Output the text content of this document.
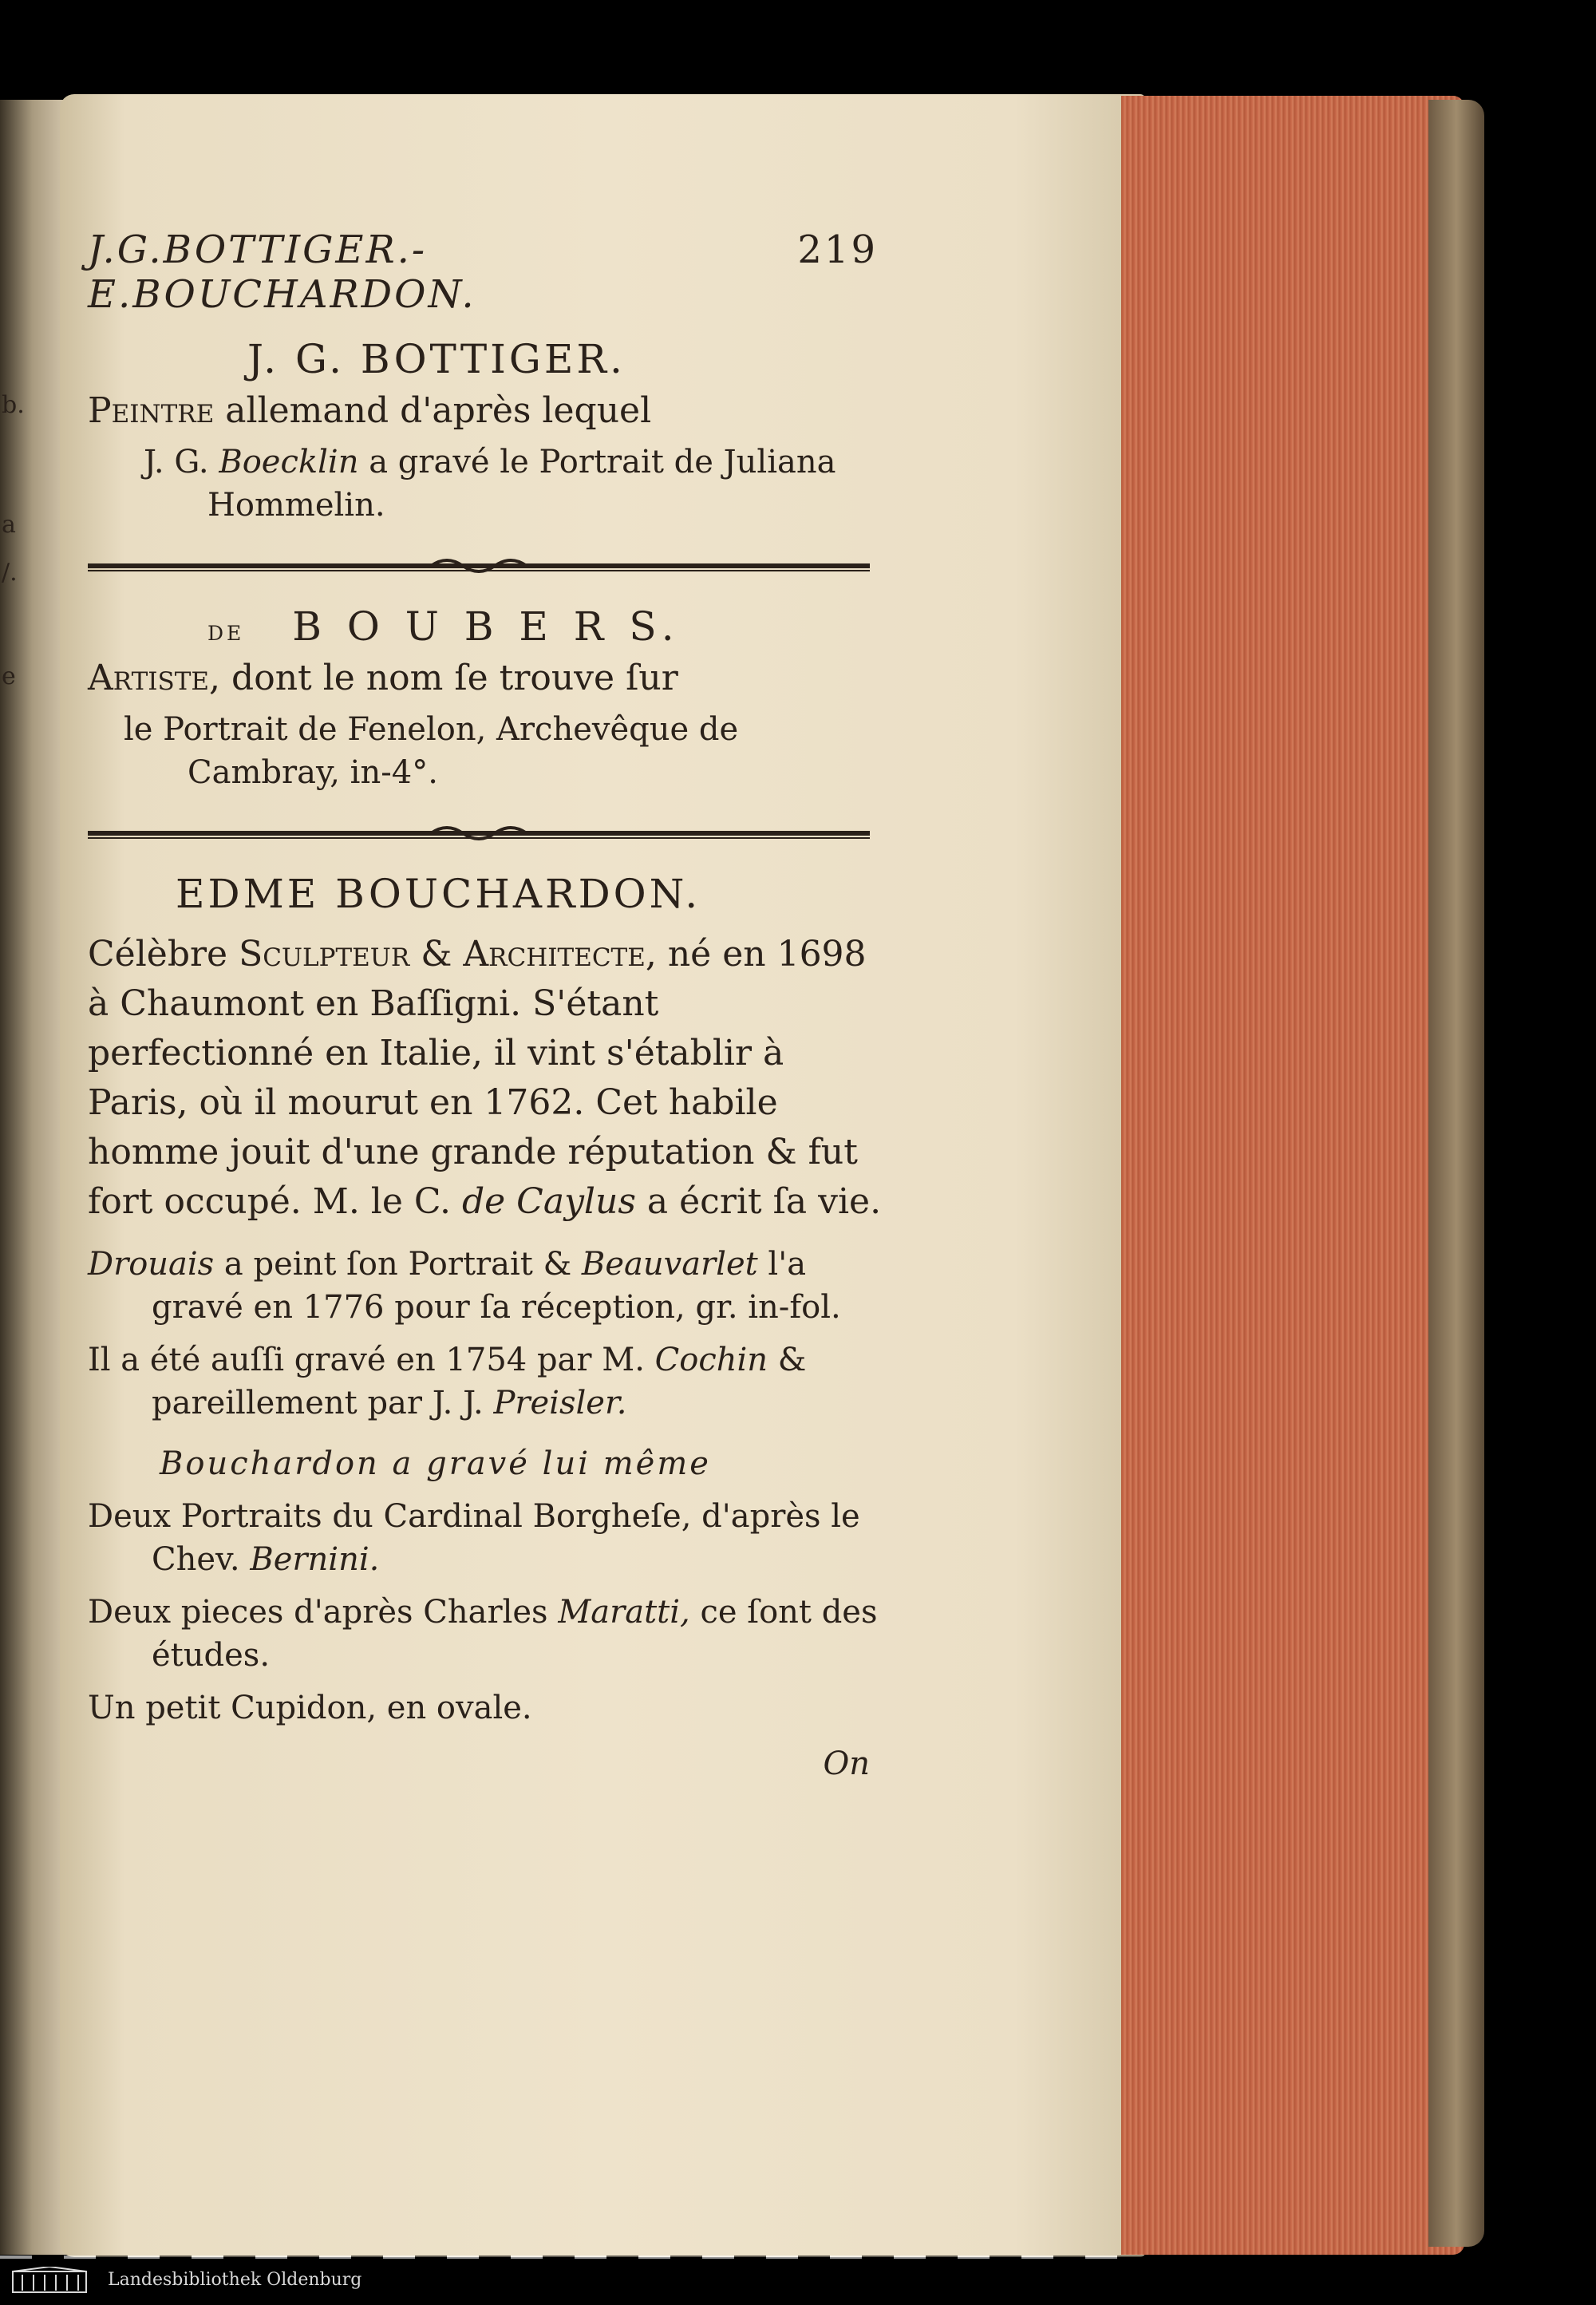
b.
a
/.
e
J.G.BOTTIGER.-E.BOUCHARDON.
219
J. G. BOTTIGER.
Peintre allemand d'après lequel
J. G. Boecklin a gravé le Portrait de Juliana Hommelin.
de B O U B E R S.
Artiste, dont le nom ſe trouve ſur
le Portrait de Fenelon, Archevêque de Cambray, in-4°.
EDME BOUCHARDON.
Célèbre Sculpteur & Architecte, né en 1698 à Chaumont en Baſſigni. S'étant perfectionné en Italie, il vint s'établir à Paris, où il mourut en 1762. Cet habile homme jouit d'une grande réputation & fut fort occupé. M. le C. de Caylus a écrit ſa vie.
Drouais a peint ſon Portrait & Beauvarlet l'a gravé en 1776 pour ſa réception, gr. in-fol.
Il a été auſſi gravé en 1754 par M. Cochin & pareillement par J. J. Preisler.
Bouchardon a gravé lui même
Deux Portraits du Cardinal Borgheſe, d'après le Chev. Bernini.
Deux pieces d'après Charles Maratti, ce ſont des études.
Un petit Cupidon, en ovale.
On
Landesbibliothek Oldenburg
